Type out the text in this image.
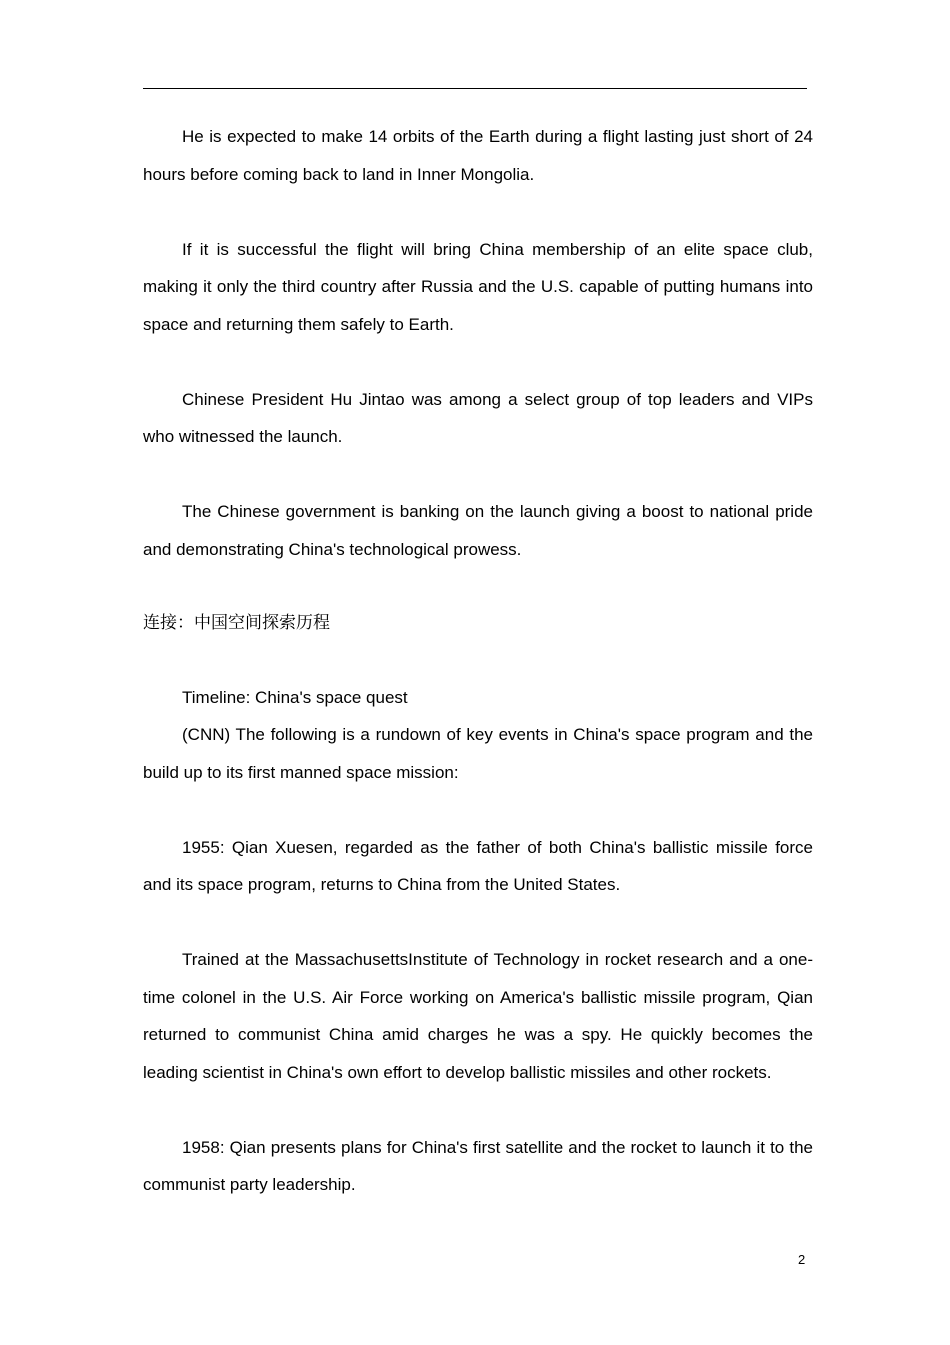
He is expected to make 14 orbits of the Earth during a flight lasting just short of 24 hours before coming back to land in Inner Mongolia.

If it is successful the flight will bring China membership of an elite space club, making it only the third country after Russia and the U.S. capable of putting humans into space and returning them safely to Earth.

Chinese President Hu Jintao was among a select group of top leaders and VIPs who witnessed the launch.

The Chinese government is banking on the launch giving a boost to national pride and demonstrating China's technological prowess.

连接：中国空间探索历程

Timeline: China's space quest

(CNN) The following is a rundown of key events in China's space program and the build up to its first manned space mission:

1955: Qian Xuesen, regarded as the father of both China's ballistic missile force and its space program, returns to China from the United States.

Trained at the MassachusettsInstitute of Technology in rocket research and a one-time colonel in the U.S. Air Force working on America's ballistic missile program, Qian returned to communist China amid charges he was a spy. He quickly becomes the leading scientist in China's own effort to develop ballistic missiles and other rockets.

1958: Qian presents plans for China's first satellite and the rocket to launch it to the communist party leadership.

2
